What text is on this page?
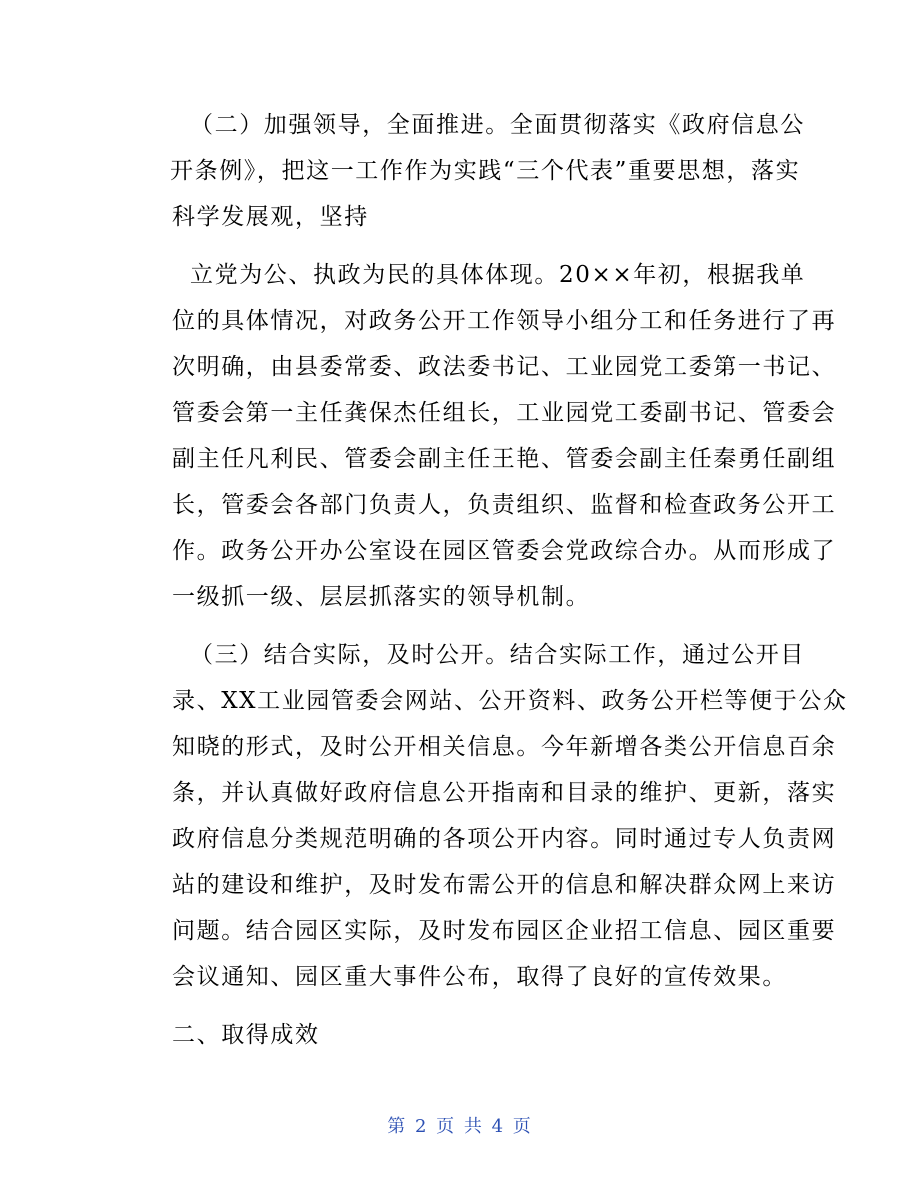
（二）加强领导，全面推进。全面贯彻落实《政府信息公
开条例》，把这一工作作为实践“三个代表”重要思想，落实
科学发展观，坚持

立党为公、执政为民的具体体现。20××年初，根据我单
位的具体情况，对政务公开工作领导小组分工和任务进行了再
次明确，由县委常委、政法委书记、工业园党工委第一书记、
管委会第一主任龚保杰任组长，工业园党工委副书记、管委会
副主任凡利民、管委会副主任王艳、管委会副主任秦勇任副组
长，管委会各部门负责人，负责组织、监督和检查政务公开工
作。政务公开办公室设在园区管委会党政综合办。从而形成了
一级抓一级、层层抓落实的领导机制。

（三）结合实际，及时公开。结合实际工作，通过公开目
录、XX工业园管委会网站、公开资料、政务公开栏等便于公众
知晓的形式，及时公开相关信息。今年新增各类公开信息百余
条，并认真做好政府信息公开指南和目录的维护、更新，落实
政府信息分类规范明确的各项公开内容。同时通过专人负责网
站的建设和维护，及时发布需公开的信息和解决群众网上来访
问题。结合园区实际，及时发布园区企业招工信息、园区重要
会议通知、园区重大事件公布，取得了良好的宣传效果。

二、取得成效

第 2 页 共 4 页
